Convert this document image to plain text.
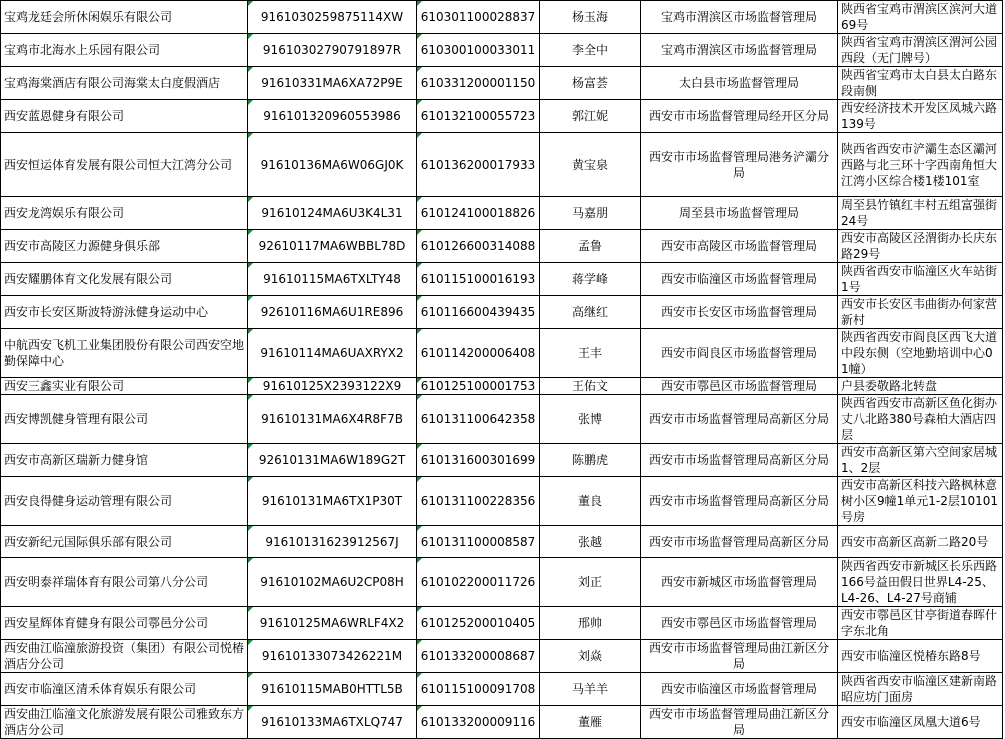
宝鸡龙廷会所休闲娱乐有限公司	9161030259875114XW	610301100028837	杨玉海	宝鸡市渭滨区市场监督管理局	陕西省宝鸡市渭滨区滨河大道69号
宝鸡市北海水上乐园有限公司	91610302790791897R	610300100033011	李全中	宝鸡市渭滨区市场监督管理局	陕西省宝鸡市渭滨区渭河公园西段（无门牌号）
宝鸡海棠酒店有限公司海棠太白度假酒店	91610331MA6XA72P9E	610331200001150	杨富荟	太白县市场监督管理局	陕西省宝鸡市太白县太白路东段南侧
西安蓝恩健身有限公司	916101320960553986	610132100055723	郭江妮	西安市市场监督管理局经开区分局	西安经济技术开发区凤城六路139号
西安恒运体育发展有限公司恒大江湾分公司	91610136MA6W06GJ0K	610136200017933	黄宝泉	西安市市场监督管理局港务浐灞分局	陕西省西安市浐灞生态区灞河西路与北三环十字西南角恒大江湾小区综合楼1楼101室
西安龙湾娱乐有限公司	91610124MA6U3K4L31	610124100018826	马嘉朋	周至县市场监督管理局	周至县竹镇红丰村五组富强街24号
西安市高陵区力源健身俱乐部	92610117MA6WBBL78D	610126600314088	孟鲁	西安市高陵区市场监督管理局	西安市高陵区泾渭街办长庆东路29号
西安耀鹏体育文化发展有限公司	91610115MA6TXLTY48	610115100016193	蒋学峰	西安市临潼区市场监督管理局	陕西省西安市临潼区火车站街1号
西安市长安区斯波特游泳健身运动中心	92610116MA6U1RE896	610116600439435	高继红	西安市长安区市场监督管理局	西安市长安区韦曲街办何家营新村
中航西安飞机工业集团股份有限公司西安空地勤保障中心	91610114MA6UAXRYX2	610114200006408	王丰	西安市阎良区市场监督管理局	陕西省西安市阎良区西飞大道中段东侧（空地勤培训中心01幢）
西安三鑫实业有限公司	91610125X2393122X9	610125100001753	王佑文	西安市鄠邑区市场监督管理局	户县委敬路北转盘
西安博凯健身管理有限公司	91610131MA6X4R8F7B	610131100642358	张博	西安市市场监督管理局高新区分局	陕西省西安市高新区鱼化街办丈八北路380号森柏大酒店四层
西安市高新区瑞新力健身馆	92610131MA6W189G2T	610131600301699	陈鹏虎	西安市市场监督管理局高新区分局	西安市高新区第六空间家居城1、2层
西安良得健身运动管理有限公司	91610131MA6TX1P30T	610131100228356	董良	西安市市场监督管理局高新区分局	西安市高新区科技六路枫林意树小区9幢1单元1-2层10101号房
西安新纪元国际俱乐部有限公司	91610131623912567J	610131100008587	张越	西安市市场监督管理局高新区分局	西安市高新区高新二路20号
西安明泰祥瑞体育有限公司第八分公司	91610102MA6U2CP08H	610102200011726	刘正	西安市新城区市场监督管理局	陕西省西安市新城区长乐西路166号益田假日世界L4-25、L4-26、L4-27号商铺
西安星辉体育健身有限公司鄠邑分公司	91610125MA6WRLF4X2	610125200010405	邢帅	西安市鄠邑区市场监督管理局	西安市鄠邑区甘亭街道春晖什字东北角
西安曲江临潼旅游投资（集团）有限公司悦椿酒店分公司	91610133073426221M	610133200008687	刘焱	西安市市场监督管理局曲江新区分局	西安市临潼区悦椿东路8号
西安市临潼区清禾体育娱乐有限公司	91610115MAB0HTTL5B	610115100091708	马羊羊	西安市临潼区市场监督管理局	陕西省西安市临潼区建新南路昭应坊门面房
西安曲江临潼文化旅游发展有限公司雅致东方酒店分公司	91610133MA6TXLQ747	610133200009116	董雁	西安市市场监督管理局曲江新区分局	西安市临潼区凤凰大道6号
